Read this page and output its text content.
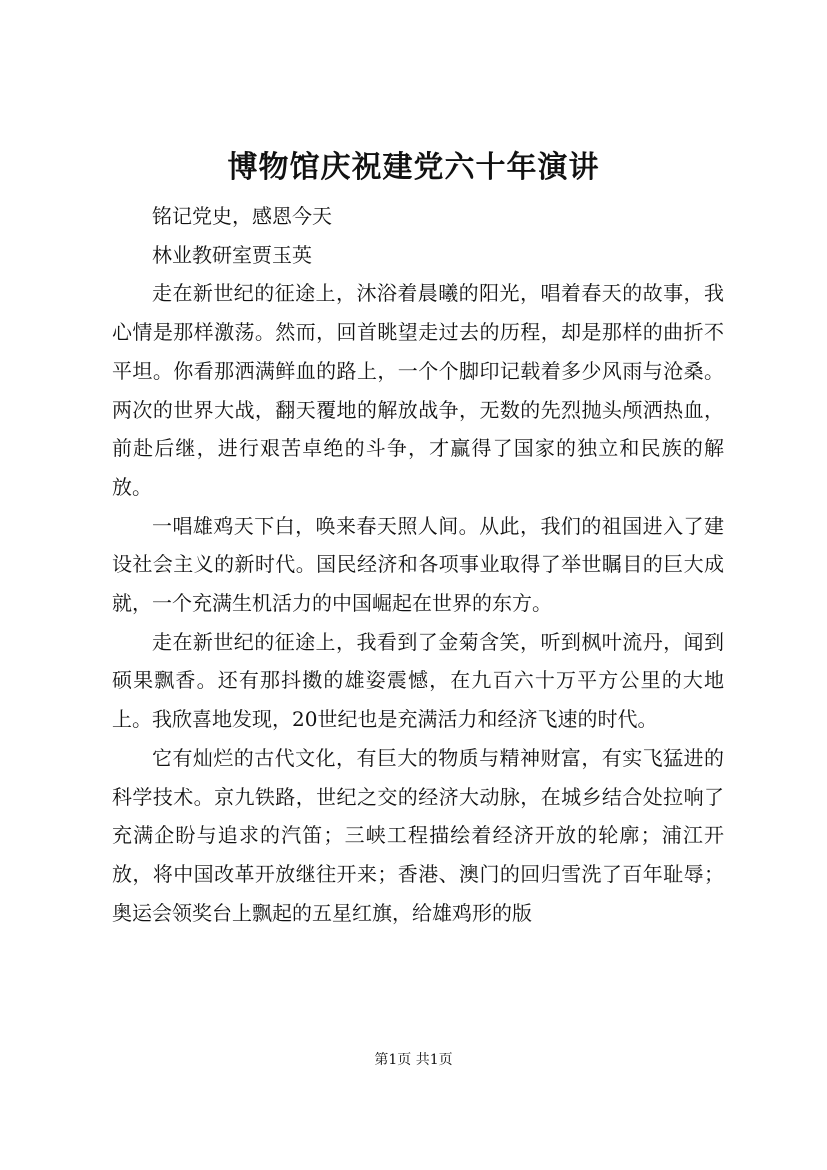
博物馆庆祝建党六十年演讲

铭记党史，感恩今天

林业教研室贾玉英

走在新世纪的征途上，沐浴着晨曦的阳光，唱着春天的故事，我心情是那样激荡。然而，回首眺望走过去的历程，却是那样的曲折不平坦。你看那洒满鲜血的路上，一个个脚印记载着多少风雨与沧桑。两次的世界大战，翻天覆地的解放战争，无数的先烈抛头颅洒热血，前赴后继，进行艰苦卓绝的斗争，才赢得了国家的独立和民族的解放。

一唱雄鸡天下白，唤来春天照人间。从此，我们的祖国进入了建设社会主义的新时代。国民经济和各项事业取得了举世瞩目的巨大成就，一个充满生机活力的中国崛起在世界的东方。

走在新世纪的征途上，我看到了金菊含笑，听到枫叶流丹，闻到硕果飘香。还有那抖擞的雄姿震憾，在九百六十万平方公里的大地上。我欣喜地发现，20世纪也是充满活力和经济飞速的时代。

它有灿烂的古代文化，有巨大的物质与精神财富，有实飞猛进的科学技术。京九铁路，世纪之交的经济大动脉，在城乡结合处拉响了充满企盼与追求的汽笛；三峡工程描绘着经济开放的轮廓；浦江开放，将中国改革开放继往开来；香港、澳门的回归雪洗了百年耻辱；奥运会领奖台上飘起的五星红旗，给雄鸡形的版

第1页 共1页
